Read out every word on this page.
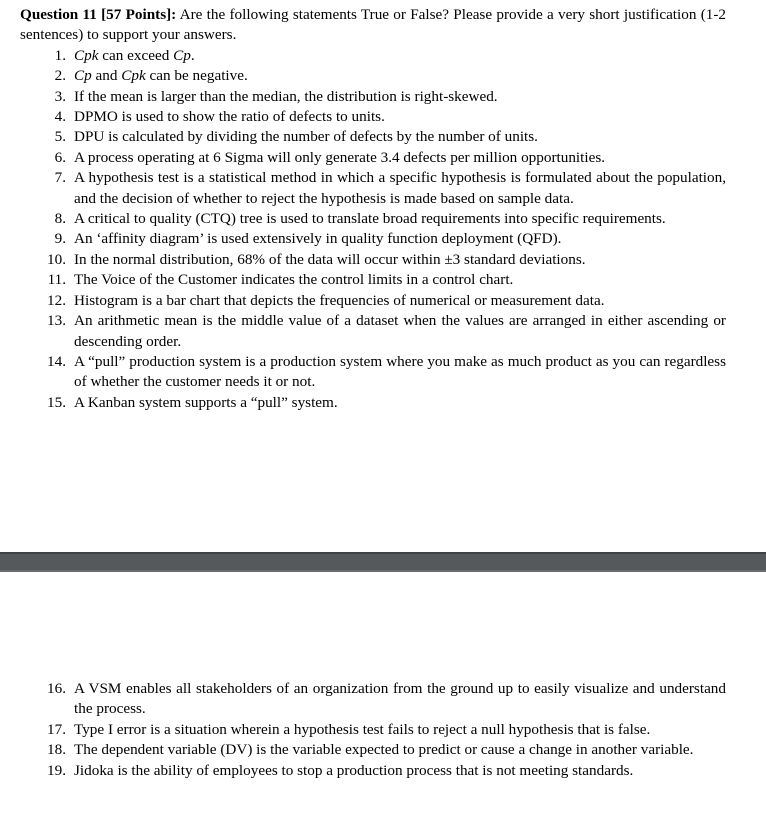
Question 11 [57 Points]: Are the following statements True or False? Please provide a very short justification (1-2 sentences) to support your answers.

1. Cpk can exceed Cp.
2. Cp and Cpk can be negative.
3. If the mean is larger than the median, the distribution is right-skewed.
4. DPMO is used to show the ratio of defects to units.
5. DPU is calculated by dividing the number of defects by the number of units.
6. A process operating at 6 Sigma will only generate 3.4 defects per million opportunities.
7. A hypothesis test is a statistical method in which a specific hypothesis is formulated about the population, and the decision of whether to reject the hypothesis is made based on sample data.
8. A critical to quality (CTQ) tree is used to translate broad requirements into specific requirements.
9. An ‘affinity diagram’ is used extensively in quality function deployment (QFD).
10. In the normal distribution, 68% of the data will occur within ±3 standard deviations.
11. The Voice of the Customer indicates the control limits in a control chart.
12. Histogram is a bar chart that depicts the frequencies of numerical or measurement data.
13. An arithmetic mean is the middle value of a dataset when the values are arranged in either ascending or descending order.
14. A “pull” production system is a production system where you make as much product as you can regardless of whether the customer needs it or not.
15. A Kanban system supports a “pull” system.
16. A VSM enables all stakeholders of an organization from the ground up to easily visualize and understand the process.
17. Type I error is a situation wherein a hypothesis test fails to reject a null hypothesis that is false.
18. The dependent variable (DV) is the variable expected to predict or cause a change in another variable.
19. Jidoka is the ability of employees to stop a production process that is not meeting standards.
